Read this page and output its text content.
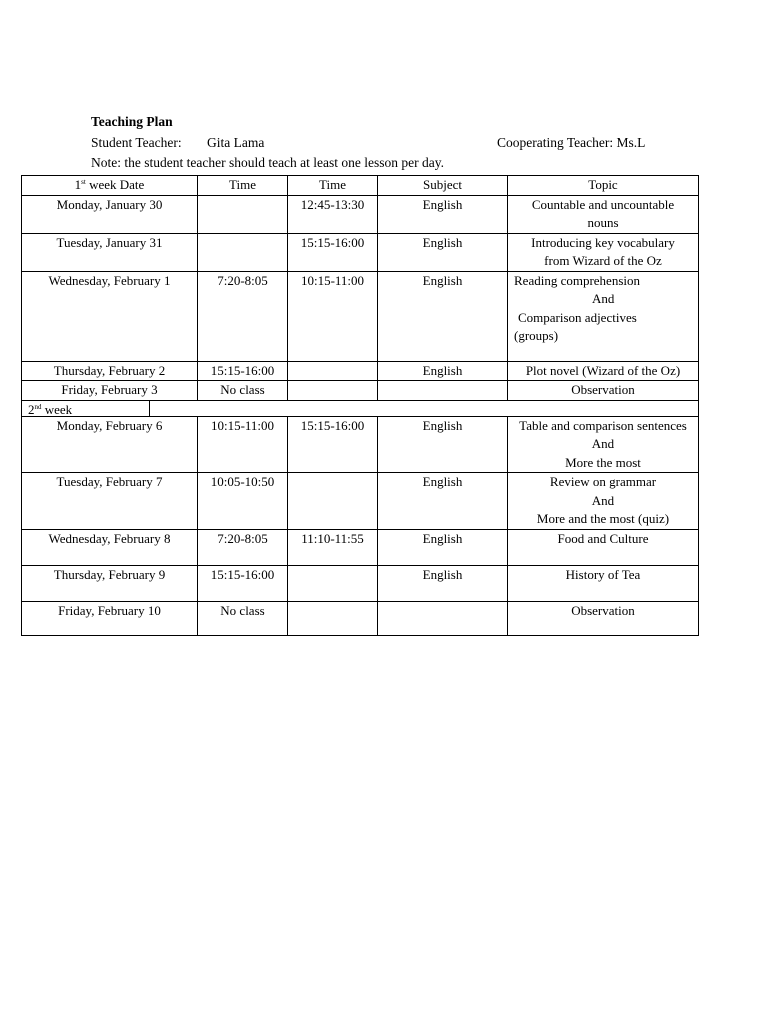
Teaching Plan
Student Teacher: Gita Lama	Cooperating Teacher: Ms.L
Note: the student teacher should teach at least one lesson per day.
1st week Date	Time	Time	Subject	Topic
Monday, January 30		12:45-13:30	English	Countable and uncountable
nouns

Tuesday, January 31		15:15-16:00	English	Introducing key vocabulary
from Wizard of the Oz

Wednesday, February 1	7:20-8:05	10:15-11:00	English	Reading comprehension
And
Comparison adjectives
(groups)

Thursday, February 2	15:15-16:00		English	Plot novel (Wizard of the Oz)
Friday, February 3	No class			Observation

2nd week				

Monday, February 6	10:15-11:00	15:15-16:00	English	Table and comparison sentences
And
More the most

Tuesday, February 7	10:05-10:50		English	Review on grammar
And
More and the most (quiz)

Wednesday, February 8	7:20-8:05	11:10-11:55	English	Food and Culture
Thursday, February 9	15:15-16:00		English	History of Tea
Friday, February 10	No class			Observation
